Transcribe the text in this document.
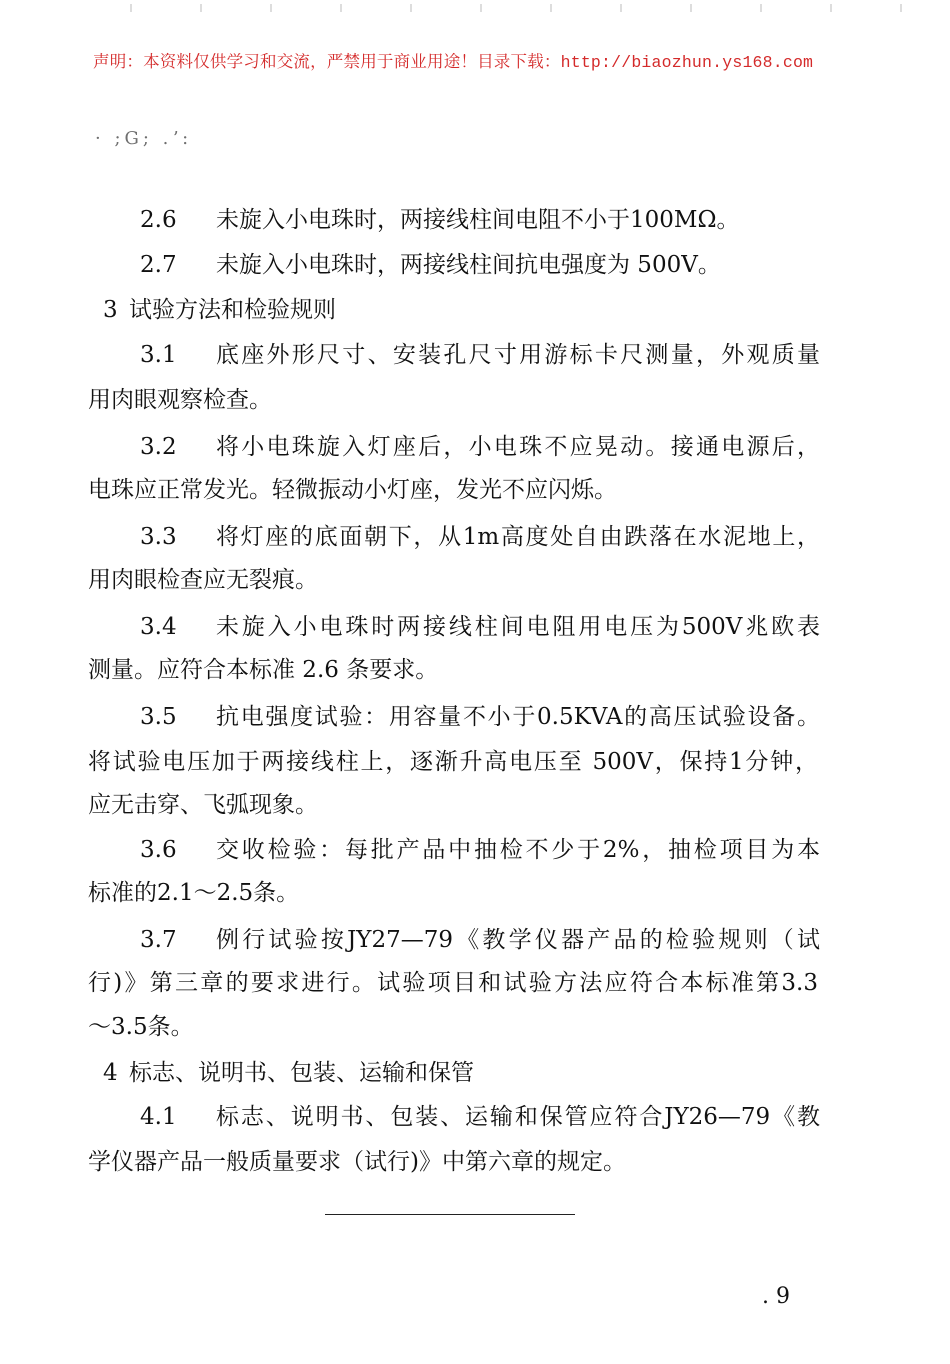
声明：本资料仅供学习和交流，严禁用于商业用途！目录下载：http://biaozhun.ys168.com
· ;G; .ʼ:
2.6 未旋入小电珠时，两接线柱间电阻不小于100MΩ。
2.7 未旋入小电珠时，两接线柱间抗电强度为 500V。
3 试验方法和检验规则
3.1	底座外形尺寸、安装孔尺寸用游标卡尺测量，外观质量
用肉眼观察检查。
3.2	将小电珠旋入灯座后，小电珠不应晃动。接通电源后，
电珠应正常发光。轻微振动小灯座，发光不应闪烁。
3.3	将灯座的底面朝下，从1m高度处自由跌落在水泥地上，
用肉眼检查应无裂痕。
3.4	未旋入小电珠时两接线柱间电阻用电压为500V兆欧表
测量。应符合本标准 2.6 条要求。
3.5	抗电强度试验：用容量不小于0.5KVA的高压试验设备。
将试验电压加于两接线柱上，逐渐升高电压至 500V，保持1分钟，
应无击穿、飞弧现象。
3.6	交收检验：每批产品中抽检不少于2%，抽检项目为本
标准的2.1～2.5条。
3.7	例行试验按JY27—79《教学仪器产品的检验规则（试
行)》第三章的要求进行。试验项目和试验方法应符合本标准第3.3
～3.5条。
4 标志、说明书、包装、运输和保管
4.1	标志、说明书、包装、运输和保管应符合JY26—79《教
学仪器产品一般质量要求（试行)》中第六章的规定。
. 9
